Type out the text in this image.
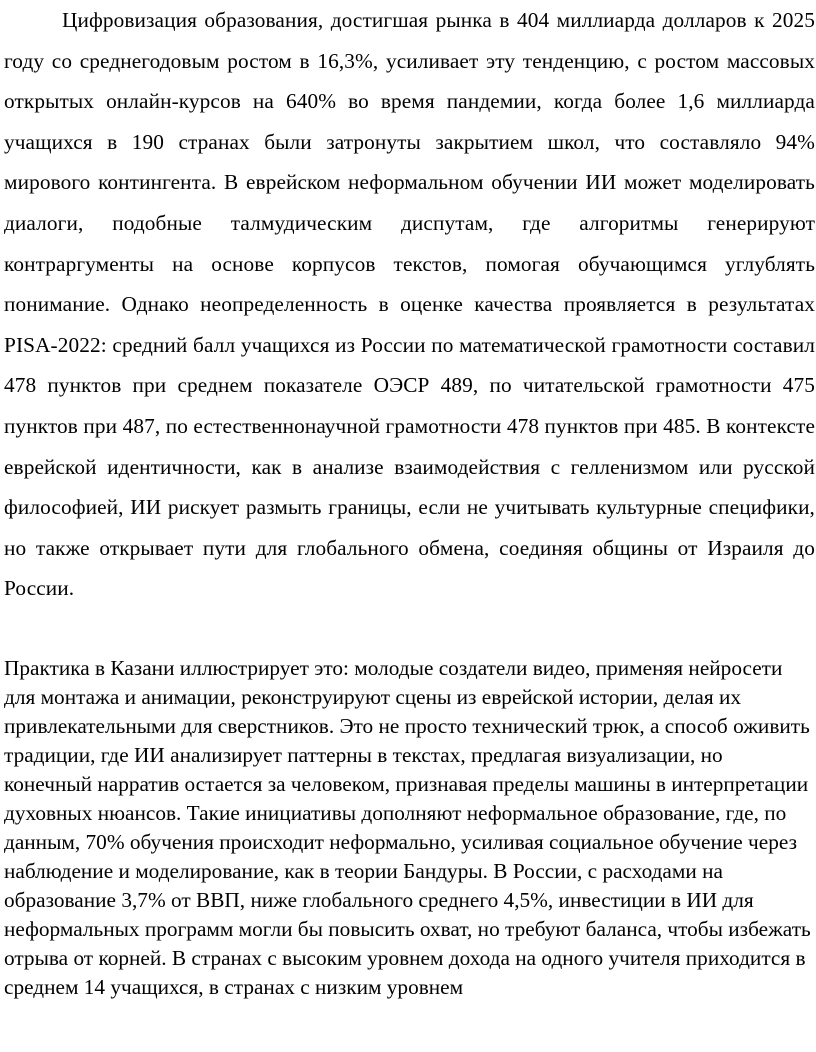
Цифровизация образования, достигшая рынка в 404 миллиарда долларов к 2025 году со среднегодовым ростом в 16,3%, усиливает эту тенденцию, с ростом массовых открытых онлайн-курсов на 640% во время пандемии, когда более 1,6 миллиарда учащихся в 190 странах были затронуты закрытием школ, что составляло 94% мирового контингента. В еврейском неформальном обучении ИИ может моделировать диалоги, подобные талмудическим диспутам, где алгоритмы генерируют контраргументы на основе корпусов текстов, помогая обучающимся углублять понимание. Однако неопределенность в оценке качества проявляется в результатах PISA-2022: средний балл учащихся из России по математической грамотности составил 478 пунктов при среднем показателе ОЭСР 489, по читательской грамотности 475 пунктов при 487, по естественнонаучной грамотности 478 пунктов при 485. В контексте еврейской идентичности, как в анализе взаимодействия с гелленизмом или русской философией, ИИ рискует размыть границы, если не учитывать культурные специфики, но также открывает пути для глобального обмена, соединяя общины от Израиля до России.

Практика в Казани иллюстрирует это: молодые создатели видео, применяя нейросети для монтажа и анимации, реконструируют сцены из еврейской истории, делая их привлекательными для сверстников. Это не просто технический трюк, а способ оживить традиции, где ИИ анализирует паттерны в текстах, предлагая визуализации, но конечный нарратив остается за человеком, признавая пределы машины в интерпретации духовных нюансов. Такие инициативы дополняют неформальное образование, где, по данным, 70% обучения происходит неформально, усиливая социальное обучение через наблюдение и моделирование, как в теории Бандуры. В России, с расходами на образование 3,7% от ВВП, ниже глобального среднего 4,5%, инвестиции в ИИ для неформальных программ могли бы повысить охват, но требуют баланса, чтобы избежать отрыва от корней. В странах с высоким уровнем дохода на одного учителя приходится в среднем 14 учащихся, в странах с низким уровнем
